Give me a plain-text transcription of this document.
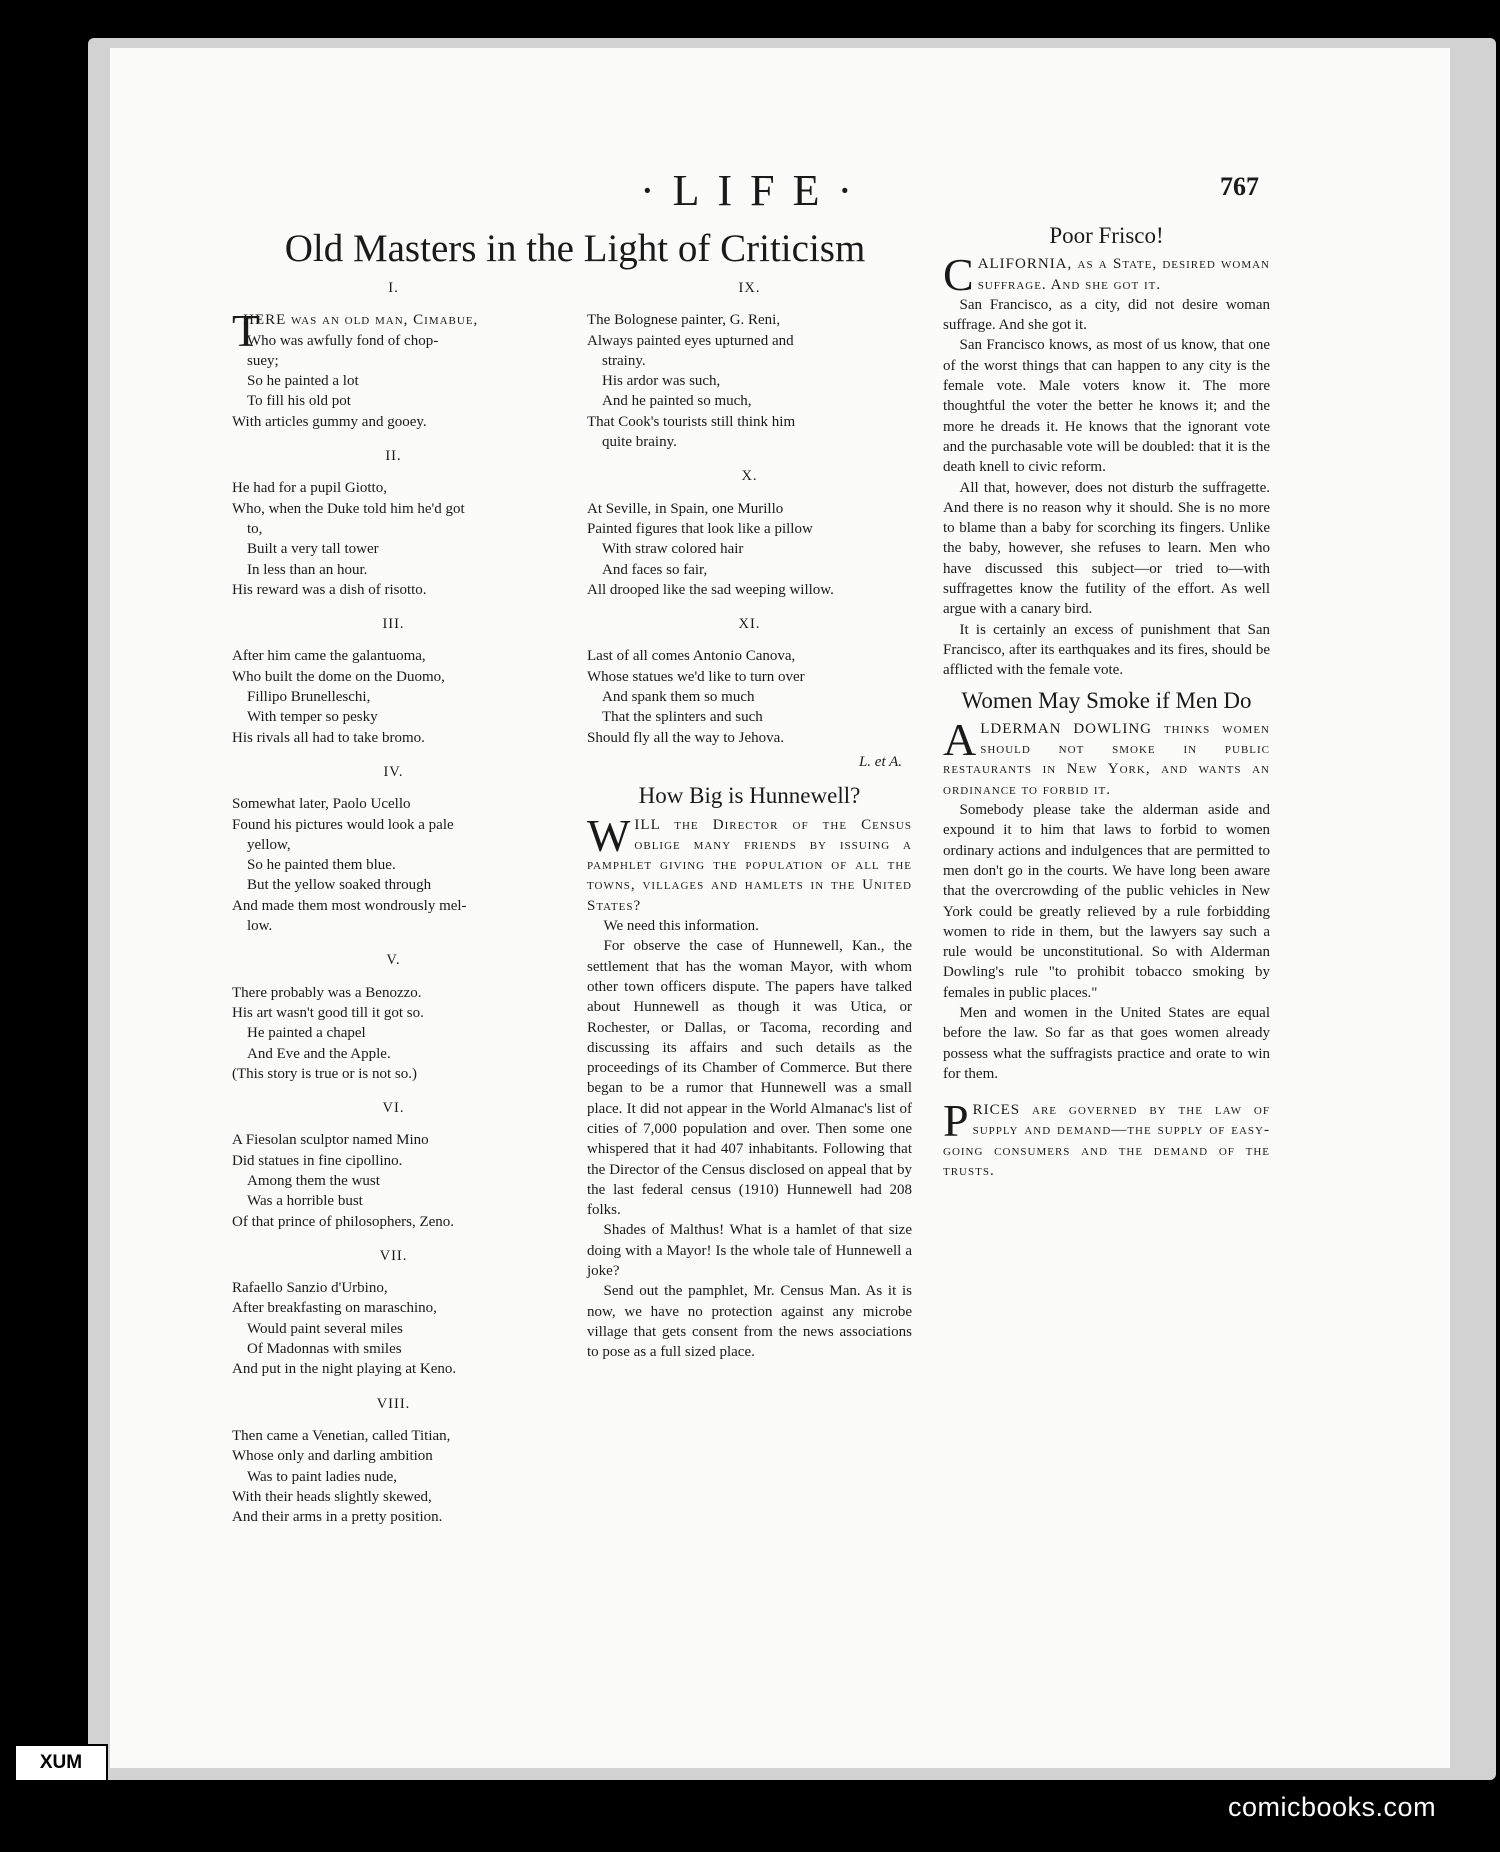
·LIFE·	767
Old Masters in the Light of Criticism
I.
T
HERE was an old man, Cimabue,
Who was awfully fond of chop-
suey;
So he painted a lot
To fill his old pot
With articles gummy and gooey.
II.
He had for a pupil Giotto,
Who, when the Duke told him he'd got
to,
Built a very tall tower
In less than an hour.
His reward was a dish of risotto.
III.
After him came the galantuoma,
Who built the dome on the Duomo,
Fillipo Brunelleschi,
With temper so pesky
His rivals all had to take bromo.
IV.
Somewhat later, Paolo Ucello
Found his pictures would look a pale
yellow,
So he painted them blue.
But the yellow soaked through
And made them most wondrously mel-
low.
V.
There probably was a Benozzo.
His art wasn't good till it got so.
He painted a chapel
And Eve and the Apple.
(This story is true or is not so.)
VI.
A Fiesolan sculptor named Mino
Did statues in fine cipollino.
Among them the wust
Was a horrible bust
Of that prince of philosophers, Zeno.
VII.
Rafaello Sanzio d'Urbino,
After breakfasting on maraschino,
Would paint several miles
Of Madonnas with smiles
And put in the night playing at Keno.
VIII.
Then came a Venetian, called Titian,
Whose only and darling ambition
Was to paint ladies nude,
With their heads slightly skewed,
And their arms in a pretty position.
IX.
The Bolognese painter, G. Reni,
Always painted eyes upturned and
strainy.
His ardor was such,
And he painted so much,
That Cook's tourists still think him
quite brainy.
X.
At Seville, in Spain, one Murillo
Painted figures that look like a pillow
With straw colored hair
And faces so fair,
All drooped like the sad weeping willow.
XI.
Last of all comes Antonio Canova,
Whose statues we'd like to turn over
And spank them so much
That the splinters and such
Should fly all the way to Jehova.
L. et A.
How Big is Hunnewell?

WILL the Director of the Census oblige many friends by issuing a pamphlet giving the population of all the towns, villages and hamlets in the United States?

We need this information.

For observe the case of Hunnewell, Kan., the settlement that has the woman Mayor, with whom other town officers dispute. The papers have talked about Hunnewell as though it was Utica, or Rochester, or Dallas, or Tacoma, recording and discussing its affairs and such details as the proceedings of its Chamber of Commerce. But there began to be a rumor that Hunnewell was a small place. It did not appear in the World Almanac's list of cities of 7,000 population and over. Then some one whispered that it had 407 inhabitants. Following that the Director of the Census disclosed on appeal that by the last federal census (1910) Hunnewell had 208 folks.

Shades of Malthus! What is a hamlet of that size doing with a Mayor! Is the whole tale of Hunnewell a joke?

Send out the pamphlet, Mr. Census Man. As it is now, we have no protection against any microbe village that gets consent from the news associations to pose as a full sized place.

Poor Frisco!

CALIFORNIA, as a State, desired woman suffrage. And she got it.

San Francisco, as a city, did not desire woman suffrage. And she got it.

San Francisco knows, as most of us know, that one of the worst things that can happen to any city is the female vote. Male voters know it. The more thoughtful the voter the better he knows it; and the more he dreads it. He knows that the ignorant vote and the purchasable vote will be doubled: that it is the death knell to civic reform.

All that, however, does not disturb the suffragette. And there is no reason why it should. She is no more to blame than a baby for scorching its fingers. Unlike the baby, however, she refuses to learn. Men who have discussed this subject—or tried to—with suffragettes know the futility of the effort. As well argue with a canary bird.

It is certainly an excess of punishment that San Francisco, after its earthquakes and its fires, should be afflicted with the female vote.

Women May Smoke if Men Do

ALDERMAN DOWLING thinks women should not smoke in public restaurants in New York, and wants an ordinance to forbid it.

Somebody please take the alderman aside and expound it to him that laws to forbid to women ordinary actions and indulgences that are permitted to men don't go in the courts. We have long been aware that the overcrowding of the public vehicles in New York could be greatly relieved by a rule forbidding women to ride in them, but the lawyers say such a rule would be unconstitutional. So with Alderman Dowling's rule "to prohibit tobacco smoking by females in public places."

Men and women in the United States are equal before the law. So far as that goes women already possess what the suffragists practice and orate to win for them.

PRICES are governed by the law of supply and demand—the supply of easy-going consumers and the demand of the trusts.

XUM
comicbooks.com
